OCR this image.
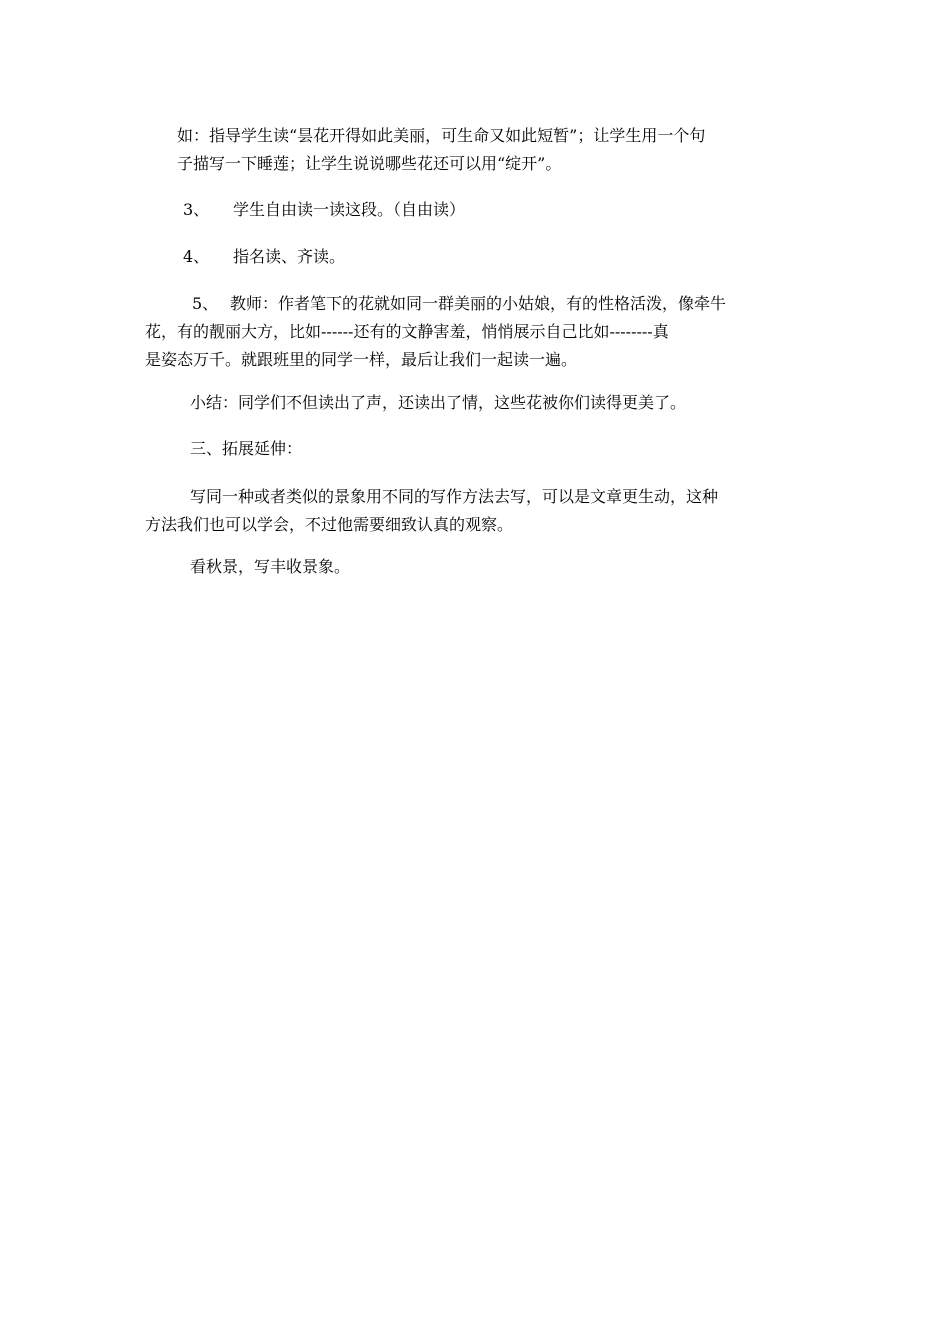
如：指导学生读“昙花开得如此美丽，可生命又如此短暂”；让学生用一个句
子描写一下睡莲；让学生说说哪些花还可以用“绽开”。
3、 学生自由读一读这段。（自由读）
4、 指名读、齐读。
5、 教师：作者笔下的花就如同一群美丽的小姑娘，有的性格活泼，像牵牛
花，有的靓丽大方，比如------还有的文静害羞，悄悄展示自己比如--------真
是姿态万千。就跟班里的同学一样，最后让我们一起读一遍。
小结：同学们不但读出了声，还读出了情，这些花被你们读得更美了。
三、拓展延伸：
写同一种或者类似的景象用不同的写作方法去写，可以是文章更生动，这种
方法我们也可以学会，不过他需要细致认真的观察。
看秋景，写丰收景象。
